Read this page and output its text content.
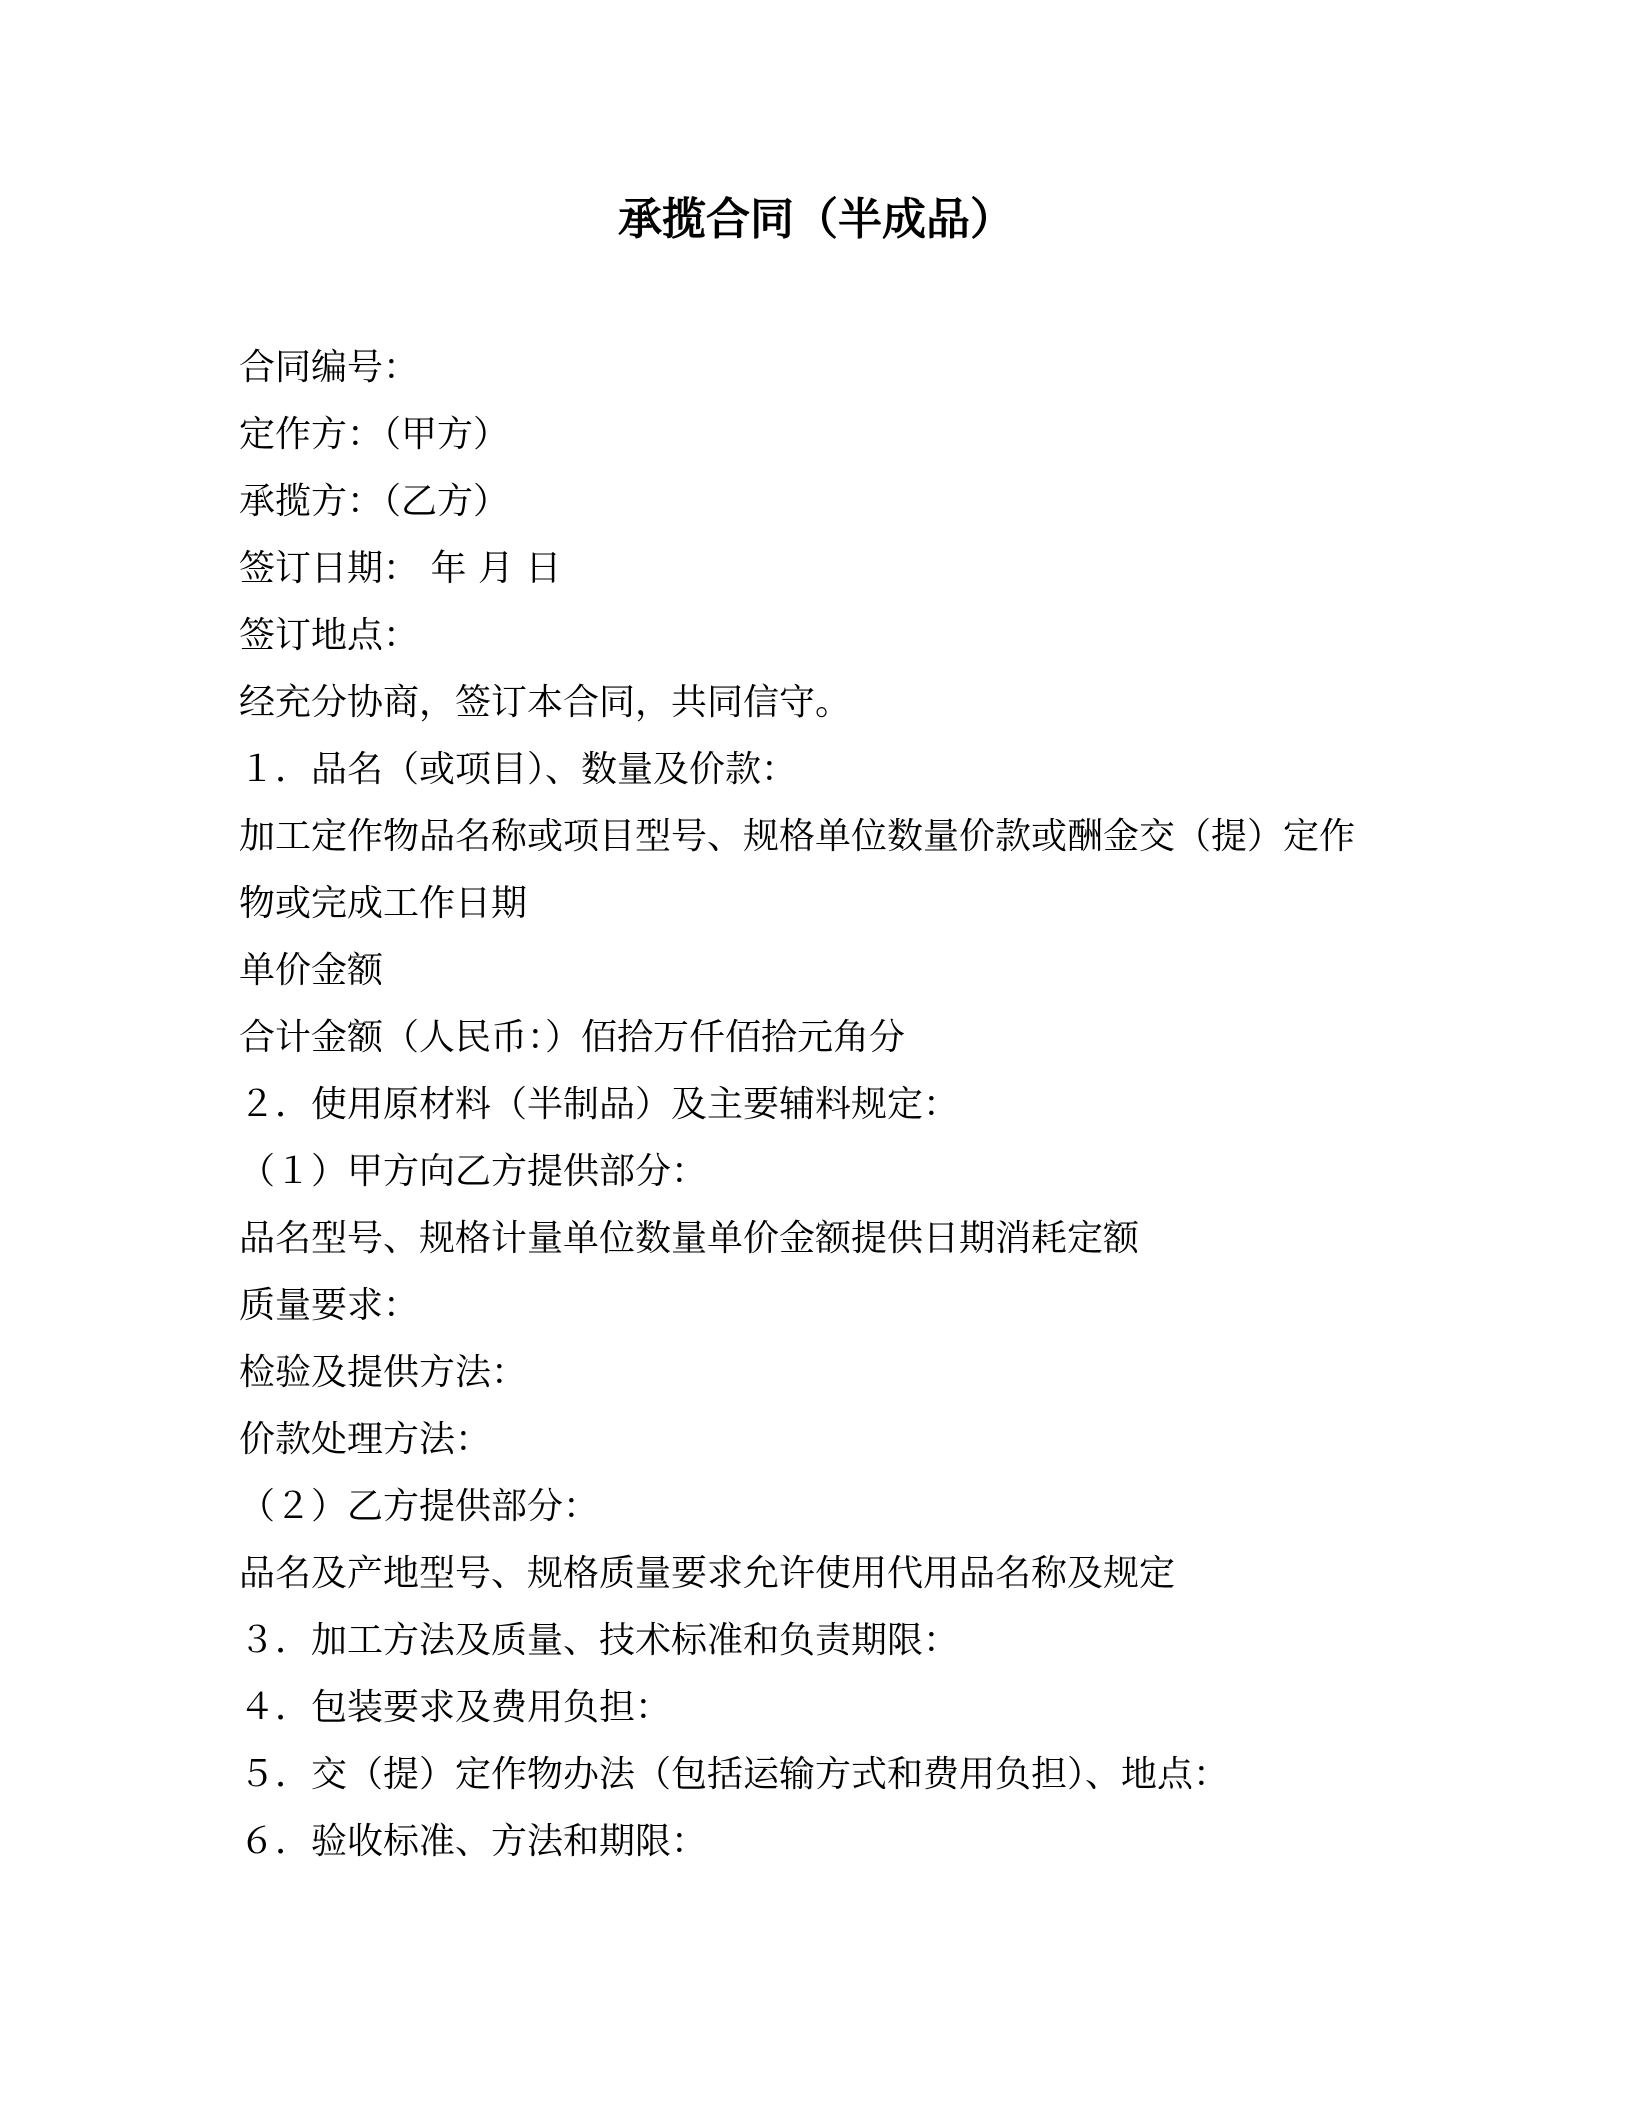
承揽合同（半成品）

合同编号：

定作方：（甲方）

承揽方：（乙方）

签订日期： 年 月 日

签订地点：

经充分协商，签订本合同，共同信守。

１．品名（或项目）、数量及价款：

加工定作物品名称或项目型号、规格单位数量价款或酬金交（提）定作

物或完成工作日期

单价金额

合计金额（人民币：）佰拾万仟佰拾元角分

２．使用原材料（半制品）及主要辅料规定：

（１）甲方向乙方提供部分：

品名型号、规格计量单位数量单价金额提供日期消耗定额

质量要求：

检验及提供方法：

价款处理方法：

（２）乙方提供部分：

品名及产地型号、规格质量要求允许使用代用品名称及规定

３．加工方法及质量、技术标准和负责期限：

４．包装要求及费用负担：

５．交（提）定作物办法（包括运输方式和费用负担）、地点：

６．验收标准、方法和期限：
